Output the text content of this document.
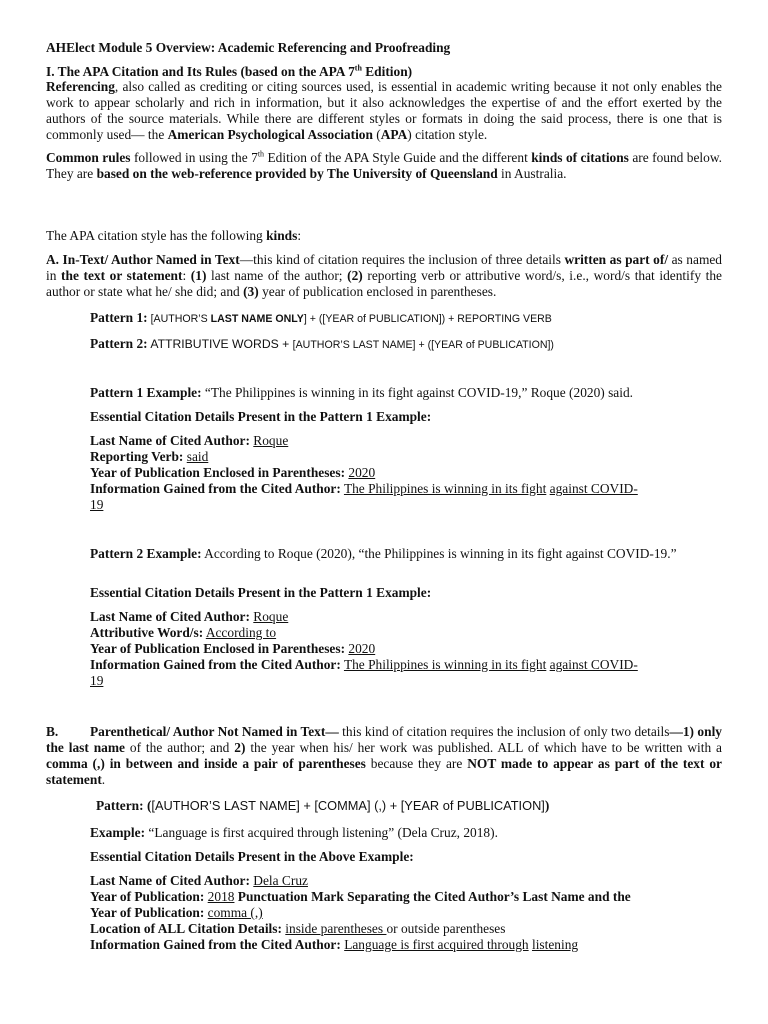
AHElect Module 5 Overview: Academic Referencing and Proofreading
I. The APA Citation and Its Rules (based on the APA 7th Edition)
Referencing, also called as crediting or citing sources used, is essential in academic writing because it not only enables the work to appear scholarly and rich in information, but it also acknowledges the expertise of and the effort exerted by the authors of the source materials. While there are different styles or formats in doing the said process, there is one that is commonly used— the American Psychological Association (APA) citation style.
Common rules followed in using the 7th Edition of the APA Style Guide and the different kinds of citations are found below. They are based on the web-reference provided by The University of Queensland in Australia.
The APA citation style has the following kinds:
A. In-Text/ Author Named in Text—this kind of citation requires the inclusion of three details written as part of/ as named in the text or statement: (1) last name of the author; (2) reporting verb or attributive word/s, i.e., word/s that identify the author or state what he/ she did; and (3) year of publication enclosed in parentheses.
Pattern 1: [AUTHOR’S LAST NAME ONLY] + ([YEAR of PUBLICATION]) + REPORTING VERB
Pattern 2: ATTRIBUTIVE WORDS + [AUTHOR’S LAST NAME] + ([YEAR of PUBLICATION])
Pattern 1 Example: “The Philippines is winning in its fight against COVID-19,” Roque (2020) said.
Essential Citation Details Present in the Pattern 1 Example:
Last Name of Cited Author: Roque
Reporting Verb: said
Year of Publication Enclosed in Parentheses: 2020
Information Gained from the Cited Author: The Philippines is winning in its fight against COVID-
19
Pattern 2 Example: According to Roque (2020), “the Philippines is winning in its fight against COVID-19.”
Essential Citation Details Present in the Pattern 1 Example:
Last Name of Cited Author: Roque
Attributive Word/s: According to
Year of Publication Enclosed in Parentheses: 2020
Information Gained from the Cited Author: The Philippines is winning in its fight against COVID-
19
B.	Parenthetical/ Author Not Named in Text— this kind of citation requires the inclusion of only two details—1) only the last name of the author; and 2) the year when his/ her work was published. ALL of which have to be written with a comma (,) in between and inside a pair of parentheses because they are NOT made to appear as part of the text or statement.
Pattern: ([AUTHOR’S LAST NAME] + [COMMA] (,) + [YEAR of PUBLICATION])
Example: “Language is first acquired through listening” (Dela Cruz, 2018).
Essential Citation Details Present in the Above Example:
Last Name of Cited Author: Dela Cruz
Year of Publication: 2018 Punctuation Mark Separating the Cited Author’s Last Name and the
Year of Publication: comma (,)
Location of ALL Citation Details: inside parentheses or outside parentheses
Information Gained from the Cited Author: Language is first acquired through listening
